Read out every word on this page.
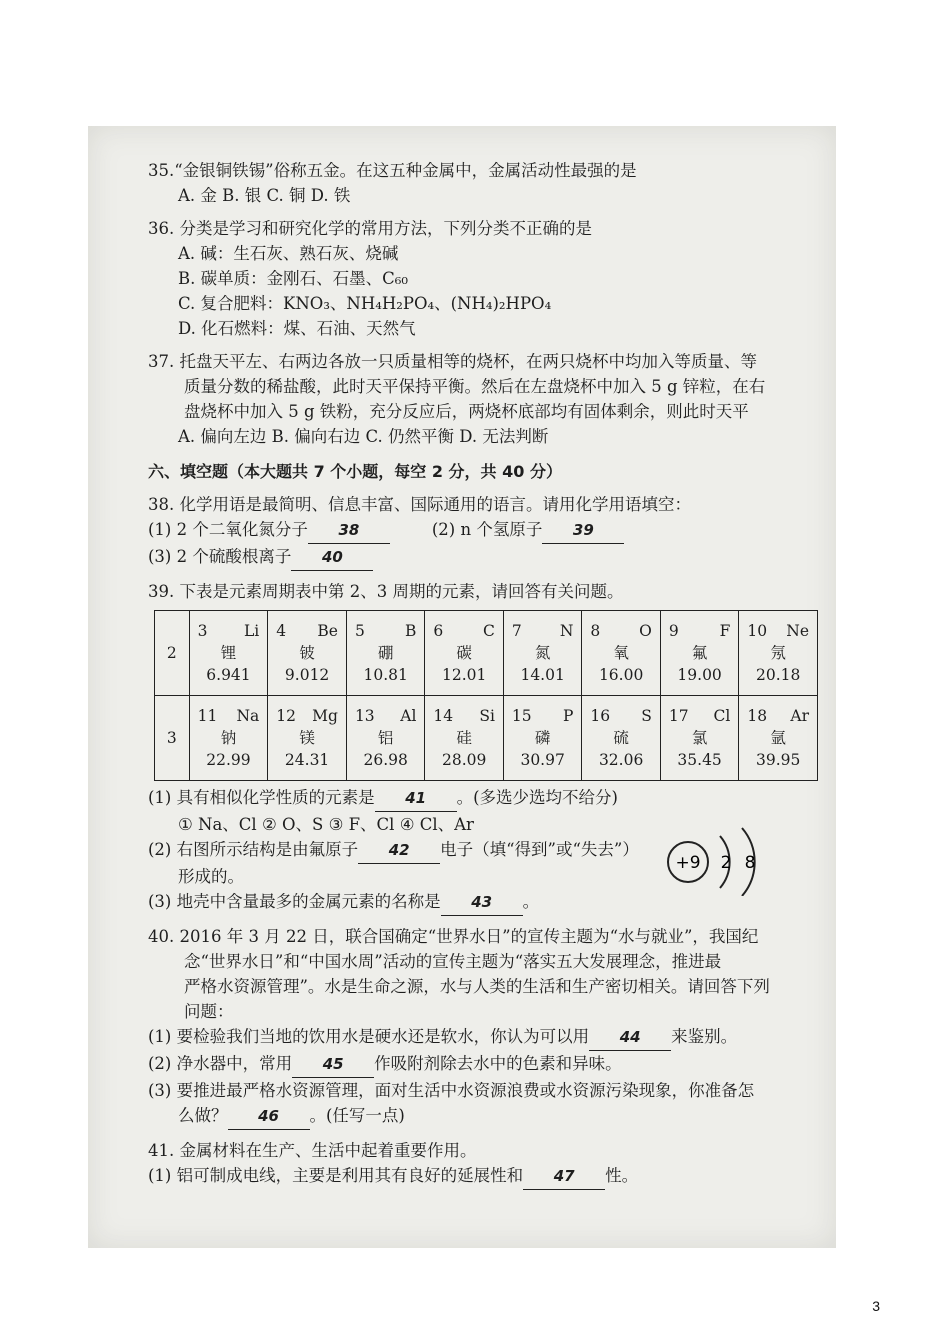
35.“金银铜铁锡”俗称五金。在这五种金属中，金属活动性最强的是
A. 金 B. 银 C. 铜 D. 铁
36. 分类是学习和研究化学的常用方法，下列分类不正确的是
A. 碱：生石灰、熟石灰、烧碱
B. 碳单质：金刚石、石墨、C₆₀
C. 复合肥料：KNO₃、NH₄H₂PO₄、(NH₄)₂HPO₄
D. 化石燃料：煤、石油、天然气
37. 托盘天平左、右两边各放一只质量相等的烧杯，在两只烧杯中均加入等质量、等
质量分数的稀盐酸，此时天平保持平衡。然后在左盘烧杯中加入 5 g 锌粒，在右
盘烧杯中加入 5 g 铁粉，充分反应后，两烧杯底部均有固体剩余，则此时天平
A. 偏向左边 B. 偏向右边 C. 仍然平衡 D. 无法判断
六、填空题（本大题共 7 个小题，每空 2 分，共 40 分）
38. 化学用语是最简明、信息丰富、国际通用的语言。请用化学用语填空：
(1) 2 个二氧化氮分子 38	(2) n 个氢原子 39
(3) 2 个硫酸根离子 40
39. 下表是元素周期表中第 2、3 周期的元素，请回答有关问题。
2	3 Li
锂
6.941	4 Be
铍
9.012	5 B
硼
10.81	6 C
碳
12.01	7 N
氮
14.01	8 O
氧
16.00	9 F
氟
19.00	10 Ne
氖
20.18

3	11 Na
钠
22.99	12 Mg
镁
24.31	13 Al
铝
26.98	14 Si
硅
28.09	15 P
磷
30.97	16 S
硫
32.06	17 Cl
氯
35.45	18 Ar
氩
39.95
(1) 具有相似化学性质的元素是 41 。(多选少选均不给分)
① Na、Cl ② O、S ③ F、Cl ④ Cl、Ar
(2) 右图所示结构是由氟原子 42 电子（填“得到”或“失去”）
形成的。
(3) 地壳中含量最多的金属元素的名称是 43 。
40. 2016 年 3 月 22 日，联合国确定“世界水日”的宣传主题为“水与就业”，我国纪
念“世界水日”和“中国水周”活动的宣传主题为“落实五大发展理念，推进最
严格水资源管理”。水是生命之源，水与人类的生活和生产密切相关。请回答下列
问题：
(1) 要检验我们当地的饮用水是硬水还是软水，你认为可以用 44 来鉴别。
(2) 净水器中，常用 45 作吸附剂除去水中的色素和异味。
(3) 要推进最严格水资源管理，面对生活中水资源浪费或水资源污染现象，你准备怎
么做？ 46 。(任写一点)
41. 金属材料在生产、生活中起着重要作用。
(1) 铝可制成电线，主要是利用其有良好的延展性和 47 性。
+9 2 8
3
